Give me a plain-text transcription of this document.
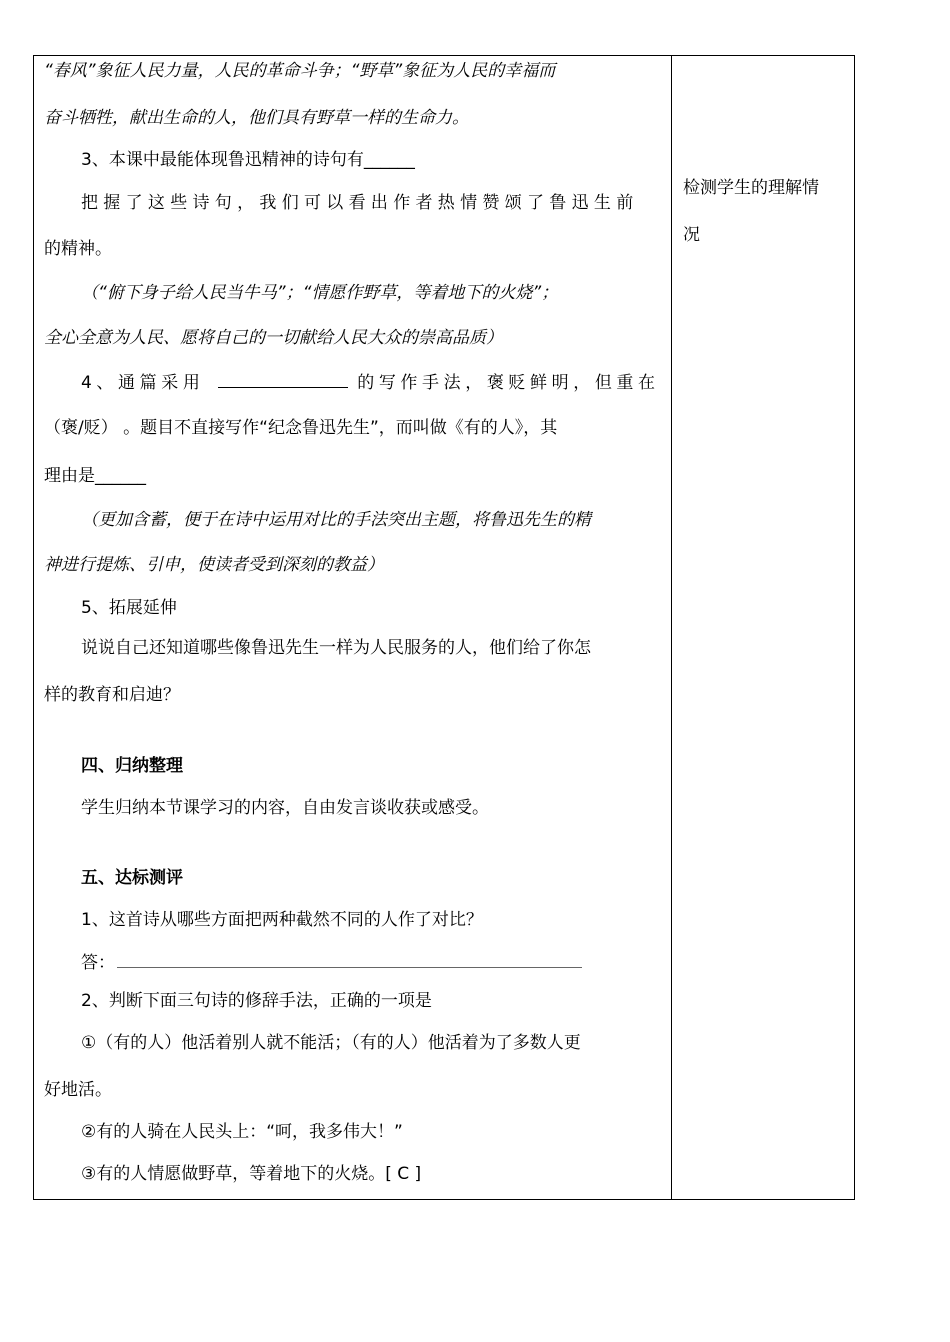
“春风”象征人民力量，人民的革命斗争；“野草”象征为人民的幸福而
奋斗牺牲，献出生命的人，他们具有野草一样的生命力。
3、本课中最能体现鲁迅精神的诗句有______
把握了这些诗句，我们可以看出作者热情赞颂了鲁迅生前
的精神。
（“俯下身子给人民当牛马”；“情愿作野草，等着地下的火烧”；
全心全意为人民、愿将自己的一切献给人民大众的崇高品质）
4、通篇采用	的写作手法，褒贬鲜明，但重在
（褒/贬） 。题目不直接写作“纪念鲁迅先生”，而叫做《有的人》，其
理由是______
（更加含蓄，便于在诗中运用对比的手法突出主题，将鲁迅先生的精
神进行提炼、引申，使读者受到深刻的教益）
5、拓展延伸
说说自己还知道哪些像鲁迅先生一样为人民服务的人，他们给了你怎
样的教育和启迪？
四、归纳整理
学生归纳本节课学习的内容，自由发言谈收获或感受。
五、达标测评
1、这首诗从哪些方面把两种截然不同的人作了对比？
答：
2、判断下面三句诗的修辞手法，正确的一项是
①（有的人）他活着别人就不能活；（有的人）他活着为了多数人更
好地活。
②有的人骑在人民头上：“呵，我多伟大！”
③有的人情愿做野草，等着地下的火烧。[ C ]
检测学生的理解情
况
